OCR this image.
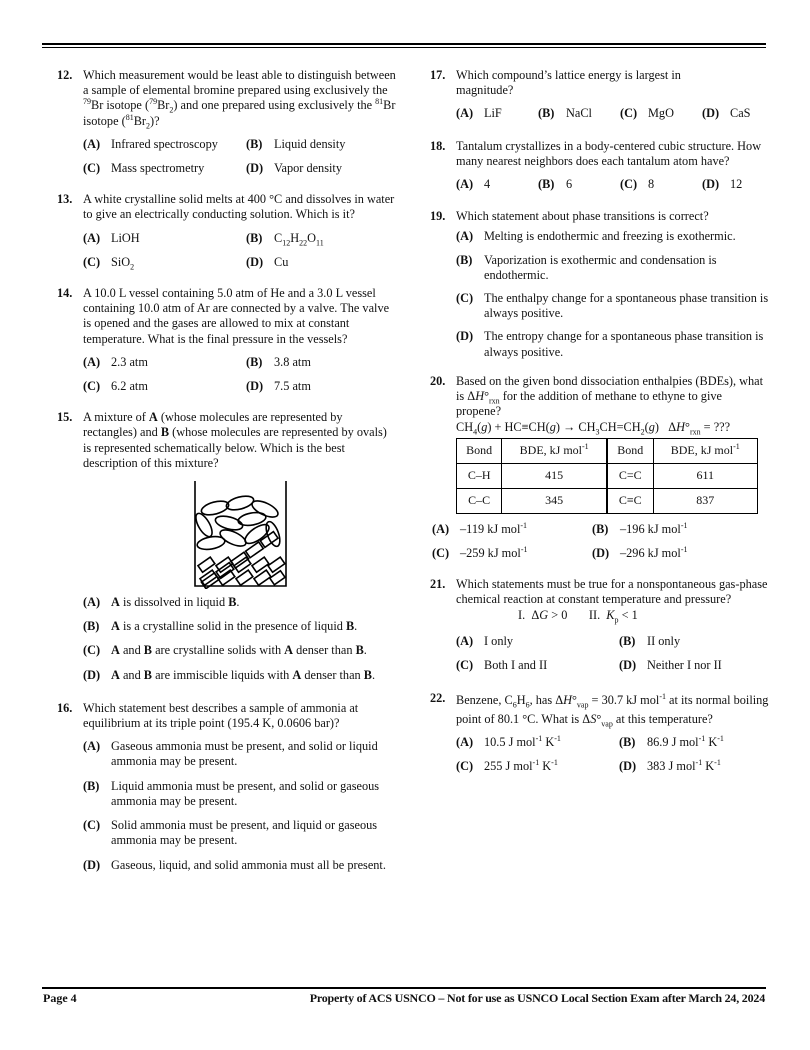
12. Which measurement would be least able to distinguish between a sample of elemental bromine prepared using exclusively the $^{79}$Br isotope $(^{79}Br_2)$ and one prepared using exclusively the $^{81}$Br isotope $(^{81}Br_2)$?
(A) Infrared spectroscopy	(B) Liquid density
(C) Mass spectrometry	(D) Vapor density
13. A white crystalline solid melts at 400 °C and dissolves in water to give an electrically conducting solution. Which is it?
(A) LiOH	(B) $C_{12}H_{22}O_{11}$
(C) SiO$_2$	(D) Cu
14. A 10.0 L vessel containing 5.0 atm of He and a 3.0 L vessel containing 10.0 atm of Ar are connected by a valve. The valve is opened and the gases are allowed to mix at constant temperature. What is the final pressure in the vessels?
(A) 2.3 atm	(B) 3.8 atm
(C) 6.2 atm	(D) 7.5 atm
15. A mixture of A (whose molecules are represented by rectangles) and B (whose molecules are represented by ovals) is represented schematically below. Which is the best description of this mixture?
(A) A is dissolved in liquid B.
(B) A is a crystalline solid in the presence of liquid B.
(C) A and B are crystalline solids with A denser than B.
(D) A and B are immiscible liquids with A denser than B.
16. Which statement best describes a sample of ammonia at equilibrium at its triple point (195.4 K, 0.0606 bar)?
(A) Gaseous ammonia must be present, and solid or liquid ammonia may be present.
(B) Liquid ammonia must be present, and solid or gaseous ammonia may be present.
(C) Solid ammonia must be present, and liquid or gaseous ammonia may be present.
(D) Gaseous, liquid, and solid ammonia must all be present.
17. Which compound’s lattice energy is largest in magnitude?
(A) LiF	(B) NaCl	(C) MgO	(D) CaS
18. Tantalum crystallizes in a body-centered cubic structure. How many nearest neighbors does each tantalum atom have?
(A) 4	(B) 6	(C) 8	(D) 12
19. Which statement about phase transitions is correct?
(A) Melting is endothermic and freezing is exothermic.
(B) Vaporization is exothermic and condensation is endothermic.
(C) The enthalpy change for a spontaneous phase transition is always positive.
(D) The entropy change for a spontaneous phase transition is always positive.
20. Based on the given bond dissociation enthalpies (BDEs), what is $\Delta H^\circ_{rxn}$ for the addition of methane to ethyne to give propene?
$CH_4(g) + HC\equiv CH(g) \to CH_3CH=CH_2(g) \Delta H^\circ_{rxn}$ = ???
Bond	BDE, kJ mol$^{-1}$	Bond	BDE, kJ mol$^{-1}$
C–H	415	C=C	611
C–C	345	C≡C	837
(A) –119 kJ mol$^{-1}$	(B) –196 kJ mol$^{-1}$
(C) –259 kJ mol$^{-1}$	(D) –296 kJ mol$^{-1}$
21. Which statements must be true for a nonspontaneous gas-phase chemical reaction at constant temperature and pressure?
I.  ΔG > 0       II.  $K_p < 1$
(A) I only	(B) II only
(C) Both I and II	(D) Neither I nor II
22. Benzene, $C_6H_6$, has $\Delta H^\circ_{vap} = 30.7$ kJ mol$^{-1}$ at its normal boiling point of 80.1 °C. What is $\Delta S^\circ_{vap}$ at this temperature?
(A) 10.5 J mol$^{-1}$ $K^{-1}$	(B) 86.9 J mol$^{-1}$ $K^{-1}$
(C) 255 J mol$^{-1}$ $K^{-1}$	(D) 383 J mol$^{-1}$ $K^{-1}$
Page 4	Property of ACS USNCO – Not for use as USNCO Local Section Exam after March 24, 2024
